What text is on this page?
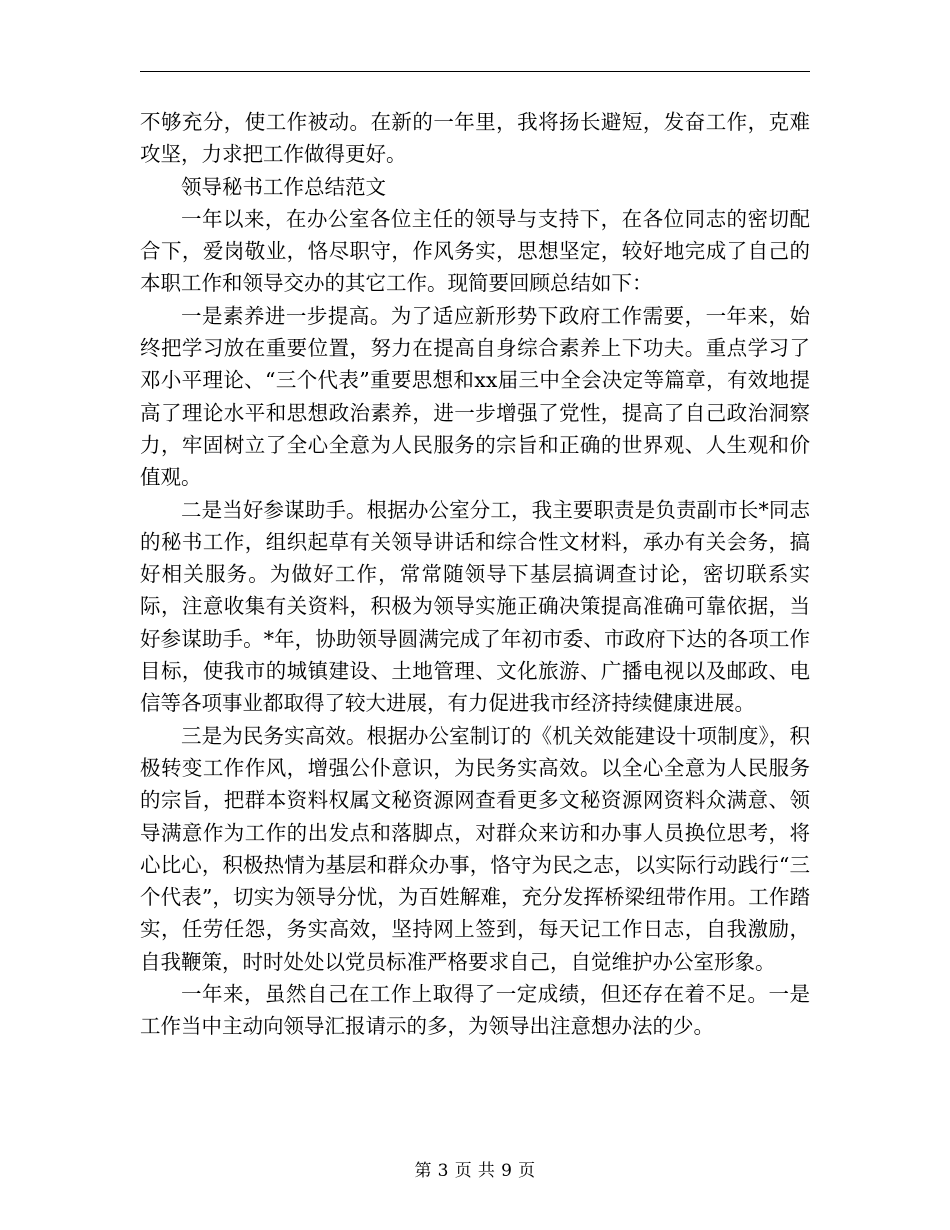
不够充分，使工作被动。在新的一年里，我将扬长避短，发奋工作，克难攻坚，力求把工作做得更好。

领导秘书工作总结范文

一年以来，在办公室各位主任的领导与支持下，在各位同志的密切配合下，爱岗敬业，恪尽职守，作风务实，思想坚定，较好地完成了自己的本职工作和领导交办的其它工作。现简要回顾总结如下：

一是素养进一步提高。为了适应新形势下政府工作需要，一年来，始终把学习放在重要位置，努力在提高自身综合素养上下功夫。重点学习了邓小平理论、“三个代表”重要思想和xx届三中全会决定等篇章，有效地提高了理论水平和思想政治素养，进一步增强了党性，提高了自己政治洞察力，牢固树立了全心全意为人民服务的宗旨和正确的世界观、人生观和价值观。

二是当好参谋助手。根据办公室分工，我主要职责是负责副市长*同志的秘书工作，组织起草有关领导讲话和综合性文材料，承办有关会务，搞好相关服务。为做好工作，常常随领导下基层搞调查讨论，密切联系实际，注意收集有关资料，积极为领导实施正确决策提高准确可靠依据，当好参谋助手。*年，协助领导圆满完成了年初市委、市政府下达的各项工作目标，使我市的城镇建设、土地管理、文化旅游、广播电视以及邮政、电信等各项事业都取得了较大进展，有力促进我市经济持续健康进展。

三是为民务实高效。根据办公室制订的《机关效能建设十项制度》，积极转变工作作风，增强公仆意识，为民务实高效。以全心全意为人民服务的宗旨，把群本资料权属文秘资源网查看更多文秘资源网资料众满意、领导满意作为工作的出发点和落脚点，对群众来访和办事人员换位思考，将心比心，积极热情为基层和群众办事，恪守为民之志，以实际行动践行“三个代表”，切实为领导分忧，为百姓解难，充分发挥桥梁纽带作用。工作踏实，任劳任怨，务实高效，坚持网上签到，每天记工作日志，自我激励，自我鞭策，时时处处以党员标准严格要求自己，自觉维护办公室形象。

一年来，虽然自己在工作上取得了一定成绩，但还存在着不足。一是工作当中主动向领导汇报请示的多，为领导出注意想办法的少。

第 3 页 共 9 页
